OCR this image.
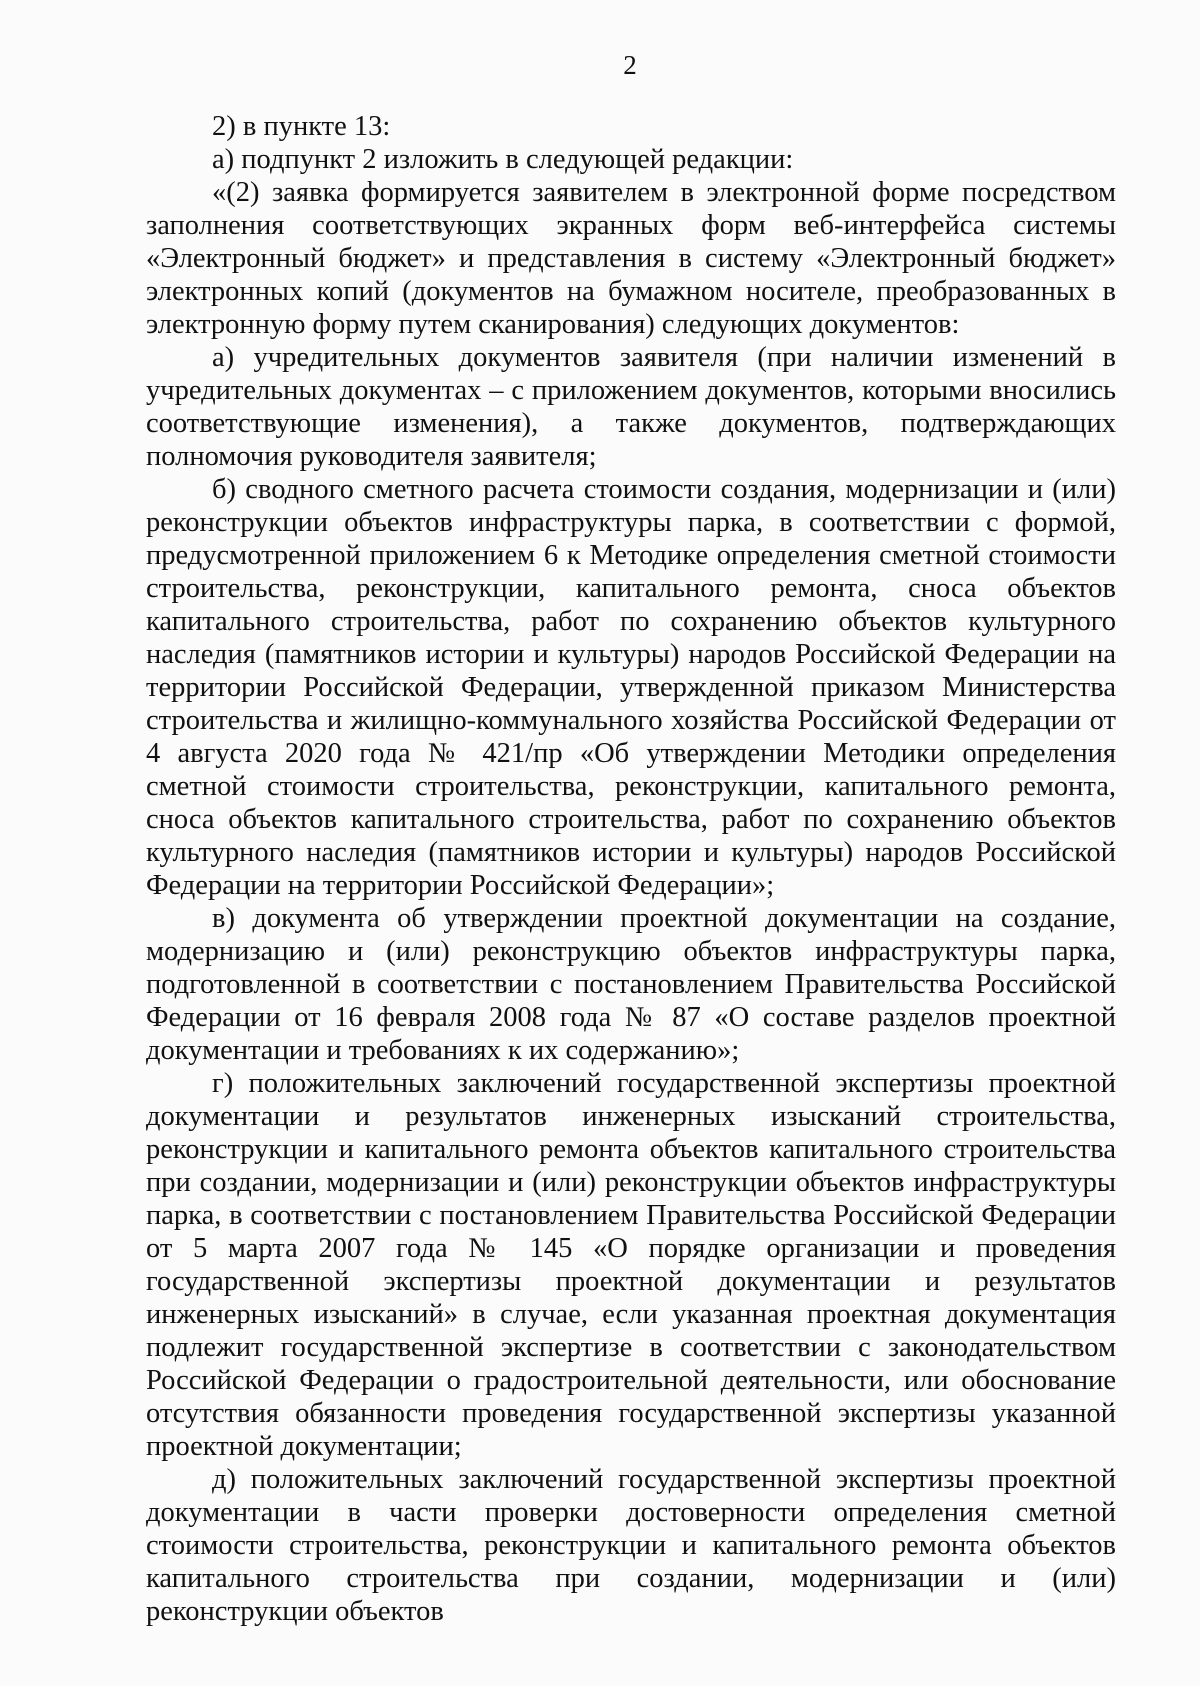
2

2) в пункте 13:

а) подпункт 2 изложить в следующей редакции:

«(2) заявка формируется заявителем в электронной форме посредством заполнения соответствующих экранных форм веб-интерфейса системы «Электронный бюджет» и представления в систему «Электронный бюджет» электронных копий (документов на бумажном носителе, преобразованных в электронную форму путем сканирования) следующих документов:

а) учредительных документов заявителя (при наличии изменений в учредительных документах – с приложением документов, которыми вносились соответствующие изменения), а также документов, подтверждающих полномочия руководителя заявителя;

б) сводного сметного расчета стоимости создания, модернизации и (или) реконструкции объектов инфраструктуры парка, в соответствии с формой, предусмотренной приложением 6 к Методике определения сметной стоимости строительства, реконструкции, капитального ремонта, сноса объектов капитального строительства, работ по сохранению объектов культурного наследия (памятников истории и культуры) народов Российской Федерации на территории Российской Федерации, утвержденной приказом Министерства строительства и жилищно-коммунального хозяйства Российской Федерации от 4 августа 2020 года № 421/пр «Об утверждении Методики определения сметной стоимости строительства, реконструкции, капитального ремонта, сноса объектов капитального строительства, работ по сохранению объектов культурного наследия (памятников истории и культуры) народов Российской Федерации на территории Российской Федерации»;

в) документа об утверждении проектной документации на создание, модернизацию и (или) реконструкцию объектов инфраструктуры парка, подготовленной в соответствии с постановлением Правительства Российской Федерации от 16 февраля 2008 года № 87 «О составе разделов проектной документации и требованиях к их содержанию»;

г) положительных заключений государственной экспертизы проектной документации и результатов инженерных изысканий строительства, реконструкции и капитального ремонта объектов капитального строительства при создании, модернизации и (или) реконструкции объектов инфраструктуры парка, в соответствии с постановлением Правительства Российской Федерации от 5 марта 2007 года № 145 «О порядке организации и проведения государственной экспертизы проектной документации и результатов инженерных изысканий» в случае, если указанная проектная документация подлежит государственной экспертизе в соответствии с законодательством Российской Федерации о градостроительной деятельности, или обоснование отсутствия обязанности проведения государственной экспертизы указанной проектной документации;

д) положительных заключений государственной экспертизы проектной документации в части проверки достоверности определения сметной стоимости строительства, реконструкции и капитального ремонта объектов капитального строительства при создании, модернизации и (или) реконструкции объектов
